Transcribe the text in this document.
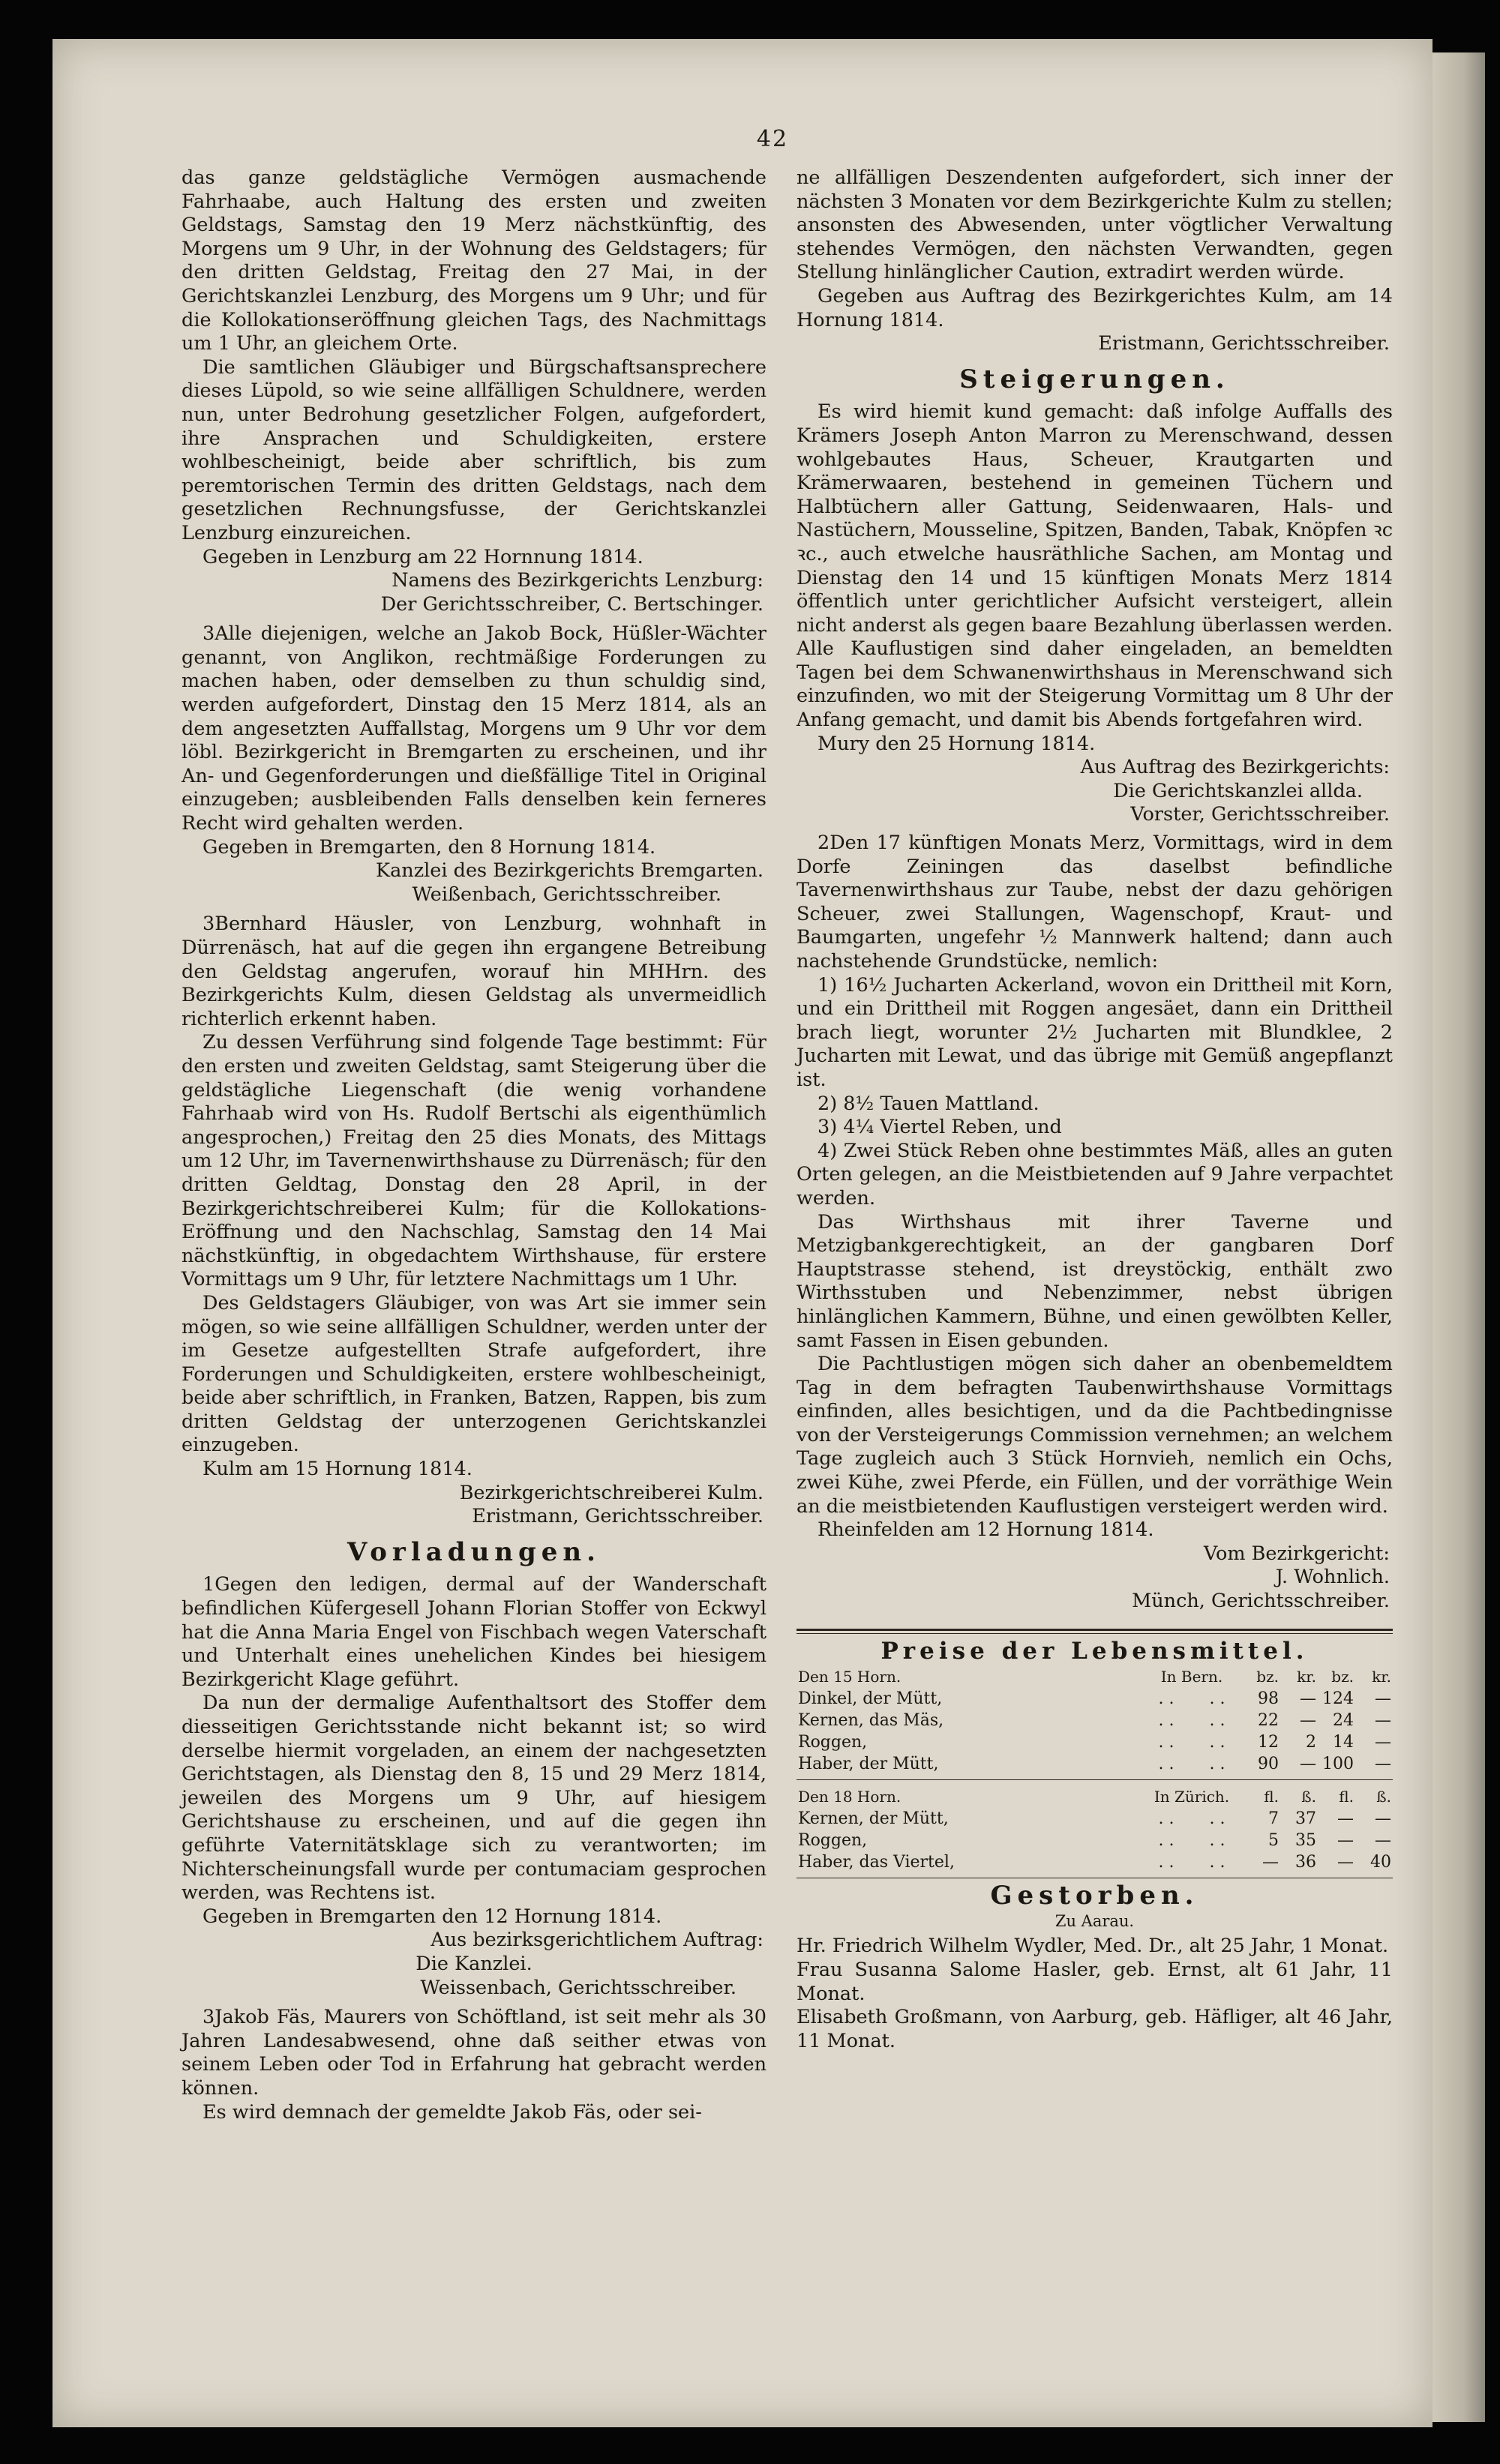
42

das ganze geldstägliche Vermögen ausmachende Fahrhaabe, auch Haltung des ersten und zweiten Geldstags, Samstag den 19 Merz nächstkünftig, des Morgens um 9 Uhr, in der Wohnung des Geldstagers; für den dritten Geldstag, Freitag den 27 Mai, in der Gerichtskanzlei Lenzburg, des Morgens um 9 Uhr; und für die Kollokationseröffnung gleichen Tags, des Nachmittags um 1 Uhr, an gleichem Orte.

Die samtlichen Gläubiger und Bürgschaftsansprechere dieses Lüpold, so wie seine allfälligen Schuldnere, werden nun, unter Bedrohung gesetzlicher Folgen, aufgefordert, ihre Ansprachen und Schuldigkeiten, erstere wohlbescheinigt, beide aber schriftlich, bis zum peremtorischen Termin des dritten Geldstags, nach dem gesetzlichen Rechnungsfusse, der Gerichtskanzlei Lenzburg einzureichen.

Gegeben in Lenzburg am 22 Hornnung 1814.

Namens des Bezirkgerichts Lenzburg:

Der Gerichtsschreiber, C. Bertschinger.

3Alle diejenigen, welche an Jakob Bock, Hüßler-Wächter genannt, von Anglikon, rechtmäßige Forderungen zu machen haben, oder demselben zu thun schuldig sind, werden aufgefordert, Dinstag den 15 Merz 1814, als an dem angesetzten Auffallstag, Morgens um 9 Uhr vor dem löbl. Bezirkgericht in Bremgarten zu erscheinen, und ihr An- und Gegenforderungen und dießfällige Titel in Original einzugeben; ausbleibenden Falls denselben kein ferneres Recht wird gehalten werden.

Gegeben in Bremgarten, den 8 Hornung 1814.

Kanzlei des Bezirkgerichts Bremgarten.

Weißenbach, Gerichtsschreiber.

3Bernhard Häusler, von Lenzburg, wohnhaft in Dürrenäsch, hat auf die gegen ihn ergangene Betreibung den Geldstag angerufen, worauf hin MHHrn. des Bezirkgerichts Kulm, diesen Geldstag als unvermeidlich richterlich erkennt haben.

Zu dessen Verführung sind folgende Tage bestimmt: Für den ersten und zweiten Geldstag, samt Steigerung über die geldstägliche Liegenschaft (die wenig vorhandene Fahrhaab wird von Hs. Rudolf Bertschi als eigenthümlich angesprochen,) Freitag den 25 dies Monats, des Mittags um 12 Uhr, im Tavernenwirthshause zu Dürrenäsch; für den dritten Geldtag, Donstag den 28 April, in der Bezirkgerichtschreiberei Kulm; für die Kollokations-Eröffnung und den Nachschlag, Samstag den 14 Mai nächstkünftig, in obgedachtem Wirthshause, für erstere Vormittags um 9 Uhr, für letztere Nachmittags um 1 Uhr.

Des Geldstagers Gläubiger, von was Art sie immer sein mögen, so wie seine allfälligen Schuldner, werden unter der im Gesetze aufgestellten Strafe aufgefordert, ihre Forderungen und Schuldigkeiten, erstere wohlbescheinigt, beide aber schriftlich, in Franken, Batzen, Rappen, bis zum dritten Geldstag der unterzogenen Gerichtskanzlei einzugeben.

Kulm am 15 Hornung 1814.

Bezirkgerichtschreiberei Kulm.

Eristmann, Gerichtsschreiber.

Vorladungen.

1Gegen den ledigen, dermal auf der Wanderschaft befindlichen Küfergesell Johann Florian Stoffer von Eckwyl hat die Anna Maria Engel von Fischbach wegen Vaterschaft und Unterhalt eines unehelichen Kindes bei hiesigem Bezirkgericht Klage geführt.

Da nun der dermalige Aufenthaltsort des Stoffer dem diesseitigen Gerichtsstande nicht bekannt ist; so wird derselbe hiermit vorgeladen, an einem der nachgesetzten Gerichtstagen, als Dienstag den 8, 15 und 29 Merz 1814, jeweilen des Morgens um 9 Uhr, auf hiesigem Gerichtshause zu erscheinen, und auf die gegen ihn geführte Vaternitätsklage sich zu verantworten; im Nichterscheinungsfall wurde per contumaciam gesprochen werden, was Rechtens ist.

Gegeben in Bremgarten den 12 Hornung 1814.

Aus bezirksgerichtlichem Auftrag:

Die Kanzlei.

Weissenbach, Gerichtsschreiber.

3Jakob Fäs, Maurers von Schöftland, ist seit mehr als 30 Jahren Landesabwesend, ohne daß seither etwas von seinem Leben oder Tod in Erfahrung hat gebracht werden können.

Es wird demnach der gemeldte Jakob Fäs, oder sei-

ne allfälligen Deszendenten aufgefordert, sich inner der nächsten 3 Monaten vor dem Bezirkgerichte Kulm zu stellen; ansonsten des Abwesenden, unter vögtlicher Verwaltung stehendes Vermögen, den nächsten Verwandten, gegen Stellung hinlänglicher Caution, extradirt werden würde.

Gegeben aus Auftrag des Bezirkgerichtes Kulm, am 14 Hornung 1814.

Eristmann, Gerichtsschreiber.

Steigerungen.

Es wird hiemit kund gemacht: daß infolge Auffalls des Krämers Joseph Anton Marron zu Merenschwand, dessen wohlgebautes Haus, Scheuer, Krautgarten und Krämerwaaren, bestehend in gemeinen Tüchern und Halbtüchern aller Gattung, Seidenwaaren, Hals- und Nastüchern, Mousseline, Spitzen, Banden, Tabak, Knöpfen ꝛc ꝛc., auch etwelche hausräthliche Sachen, am Montag und Dienstag den 14 und 15 künftigen Monats Merz 1814 öffentlich unter gerichtlicher Aufsicht versteigert, allein nicht anderst als gegen baare Bezahlung überlassen werden. Alle Kauflustigen sind daher eingeladen, an bemeldten Tagen bei dem Schwanenwirthshaus in Merenschwand sich einzufinden, wo mit der Steigerung Vormittag um 8 Uhr der Anfang gemacht, und damit bis Abends fortgefahren wird.

Mury den 25 Hornung 1814.

Aus Auftrag des Bezirkgerichts:

Die Gerichtskanzlei allda.

Vorster, Gerichtsschreiber.

2Den 17 künftigen Monats Merz, Vormittags, wird in dem Dorfe Zeiningen das daselbst befindliche Tavernenwirthshaus zur Taube, nebst der dazu gehörigen Scheuer, zwei Stallungen, Wagenschopf, Kraut- und Baumgarten, ungefehr ½ Mannwerk haltend; dann auch nachstehende Grundstücke, nemlich:

1) 16½ Jucharten Ackerland, wovon ein Drittheil mit Korn, und ein Drittheil mit Roggen angesäet, dann ein Drittheil brach liegt, worunter 2½ Jucharten mit Blundklee, 2 Jucharten mit Lewat, und das übrige mit Gemüß angepflanzt ist.

2) 8½ Tauen Mattland.

3) 4¼ Viertel Reben, und

4) Zwei Stück Reben ohne bestimmtes Mäß, alles an guten Orten gelegen, an die Meistbietenden auf 9 Jahre verpachtet werden.

Das Wirthshaus mit ihrer Taverne und Metzigbankgerechtigkeit, an der gangbaren Dorf Hauptstrasse stehend, ist dreystöckig, enthält zwo Wirthsstuben und Nebenzimmer, nebst übrigen hinlänglichen Kammern, Bühne, und einen gewölbten Keller, samt Fassen in Eisen gebunden.

Die Pachtlustigen mögen sich daher an obenbemeldtem Tag in dem befragten Taubenwirthshause Vormittags einfinden, alles besichtigen, und da die Pachtbedingnisse von der Versteigerungs Commission vernehmen; an welchem Tage zugleich auch 3 Stück Hornvieh, nemlich ein Ochs, zwei Kühe, zwei Pferde, ein Füllen, und der vorräthige Wein an die meistbietenden Kauflustigen versteigert werden wird.

Rheinfelden am 12 Hornung 1814.

Vom Bezirkgericht:

J. Wohnlich.

Münch, Gerichtsschreiber.

Preise der Lebensmittel.
Den 15 Horn.	In Bern.		bz.	kr.	bz.	kr.
Dinkel, der Mütt,	. .	. .	98	—	124	—
Kernen, das Mäs,	. .	. .	22	—	24	—
Roggen,	. .	. .	12	2	14	—
Haber, der Mütt,	. .	. .	90	—	100	—
Den 18 Horn.	In Zürich.		fl.	ß.	fl.	ß.
Kernen, der Mütt,	. .	. .	7	37	—	—
Roggen,	. .	. .	5	35	—	—
Haber, das Viertel,	. .	. .	—	36	—	40
Gestorben.
Zu Aarau.

Hr. Friedrich Wilhelm Wydler, Med. Dr., alt 25 Jahr, 1 Monat.

Frau Susanna Salome Hasler, geb. Ernst, alt 61 Jahr, 11 Monat.

Elisabeth Großmann, von Aarburg, geb. Häfliger, alt 46 Jahr, 11 Monat.
